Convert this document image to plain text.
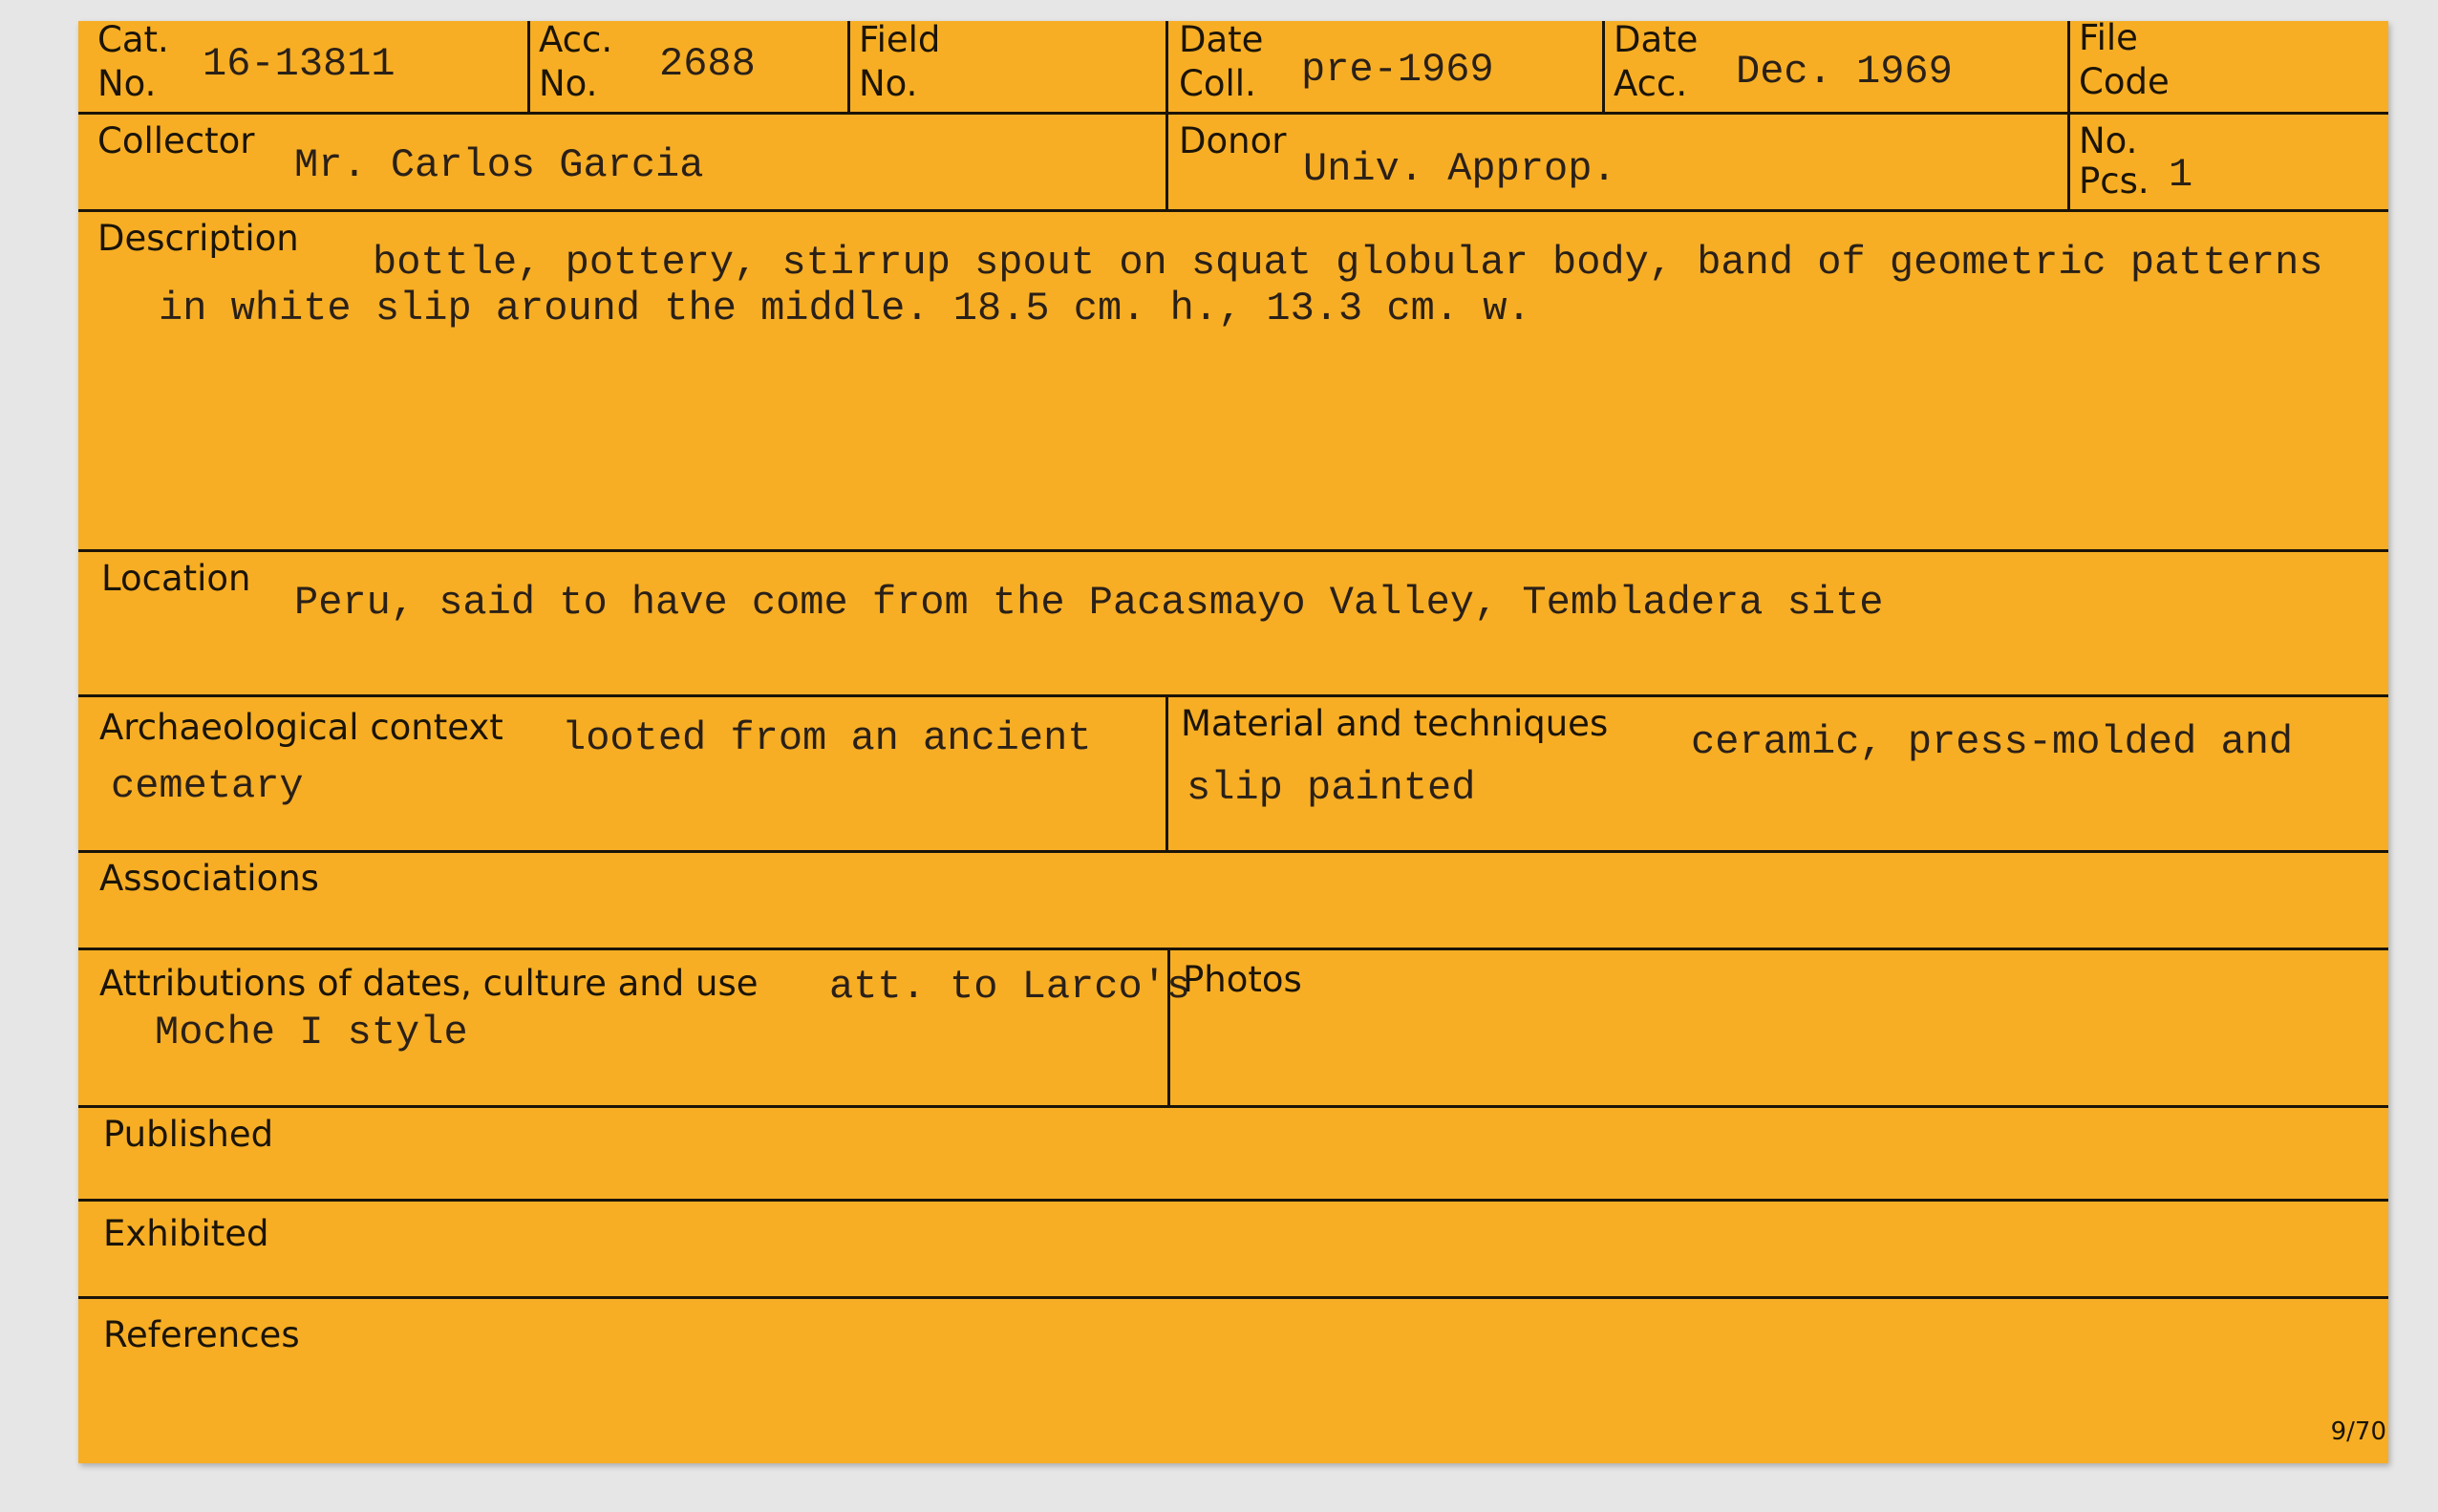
Cat.
No. 16-13811
Acc.
No. 2688
Field
No.
Date
Coll. pre-1969
Date
Acc. Dec. 1969
File
Code
Collector
Mr. Carlos Garcia
Donor
Univ. Approp.
No.
Pcs. 1
Description
bottle, pottery, stirrup spout on squat globular body, band of geometric patterns
in white slip around the middle. 18.5 cm. h., 13.3 cm. w.
Location
Peru, said to have come from the Pacasmayo Valley, Tembladera site
Archaeological context looted from an ancient
cemetary
Material and techniques ceramic, press-molded and
slip painted
Associations
Attributions of dates, culture and use att. to Larco's
Moche I style
Photos
Published
Exhibited
References
9/70
